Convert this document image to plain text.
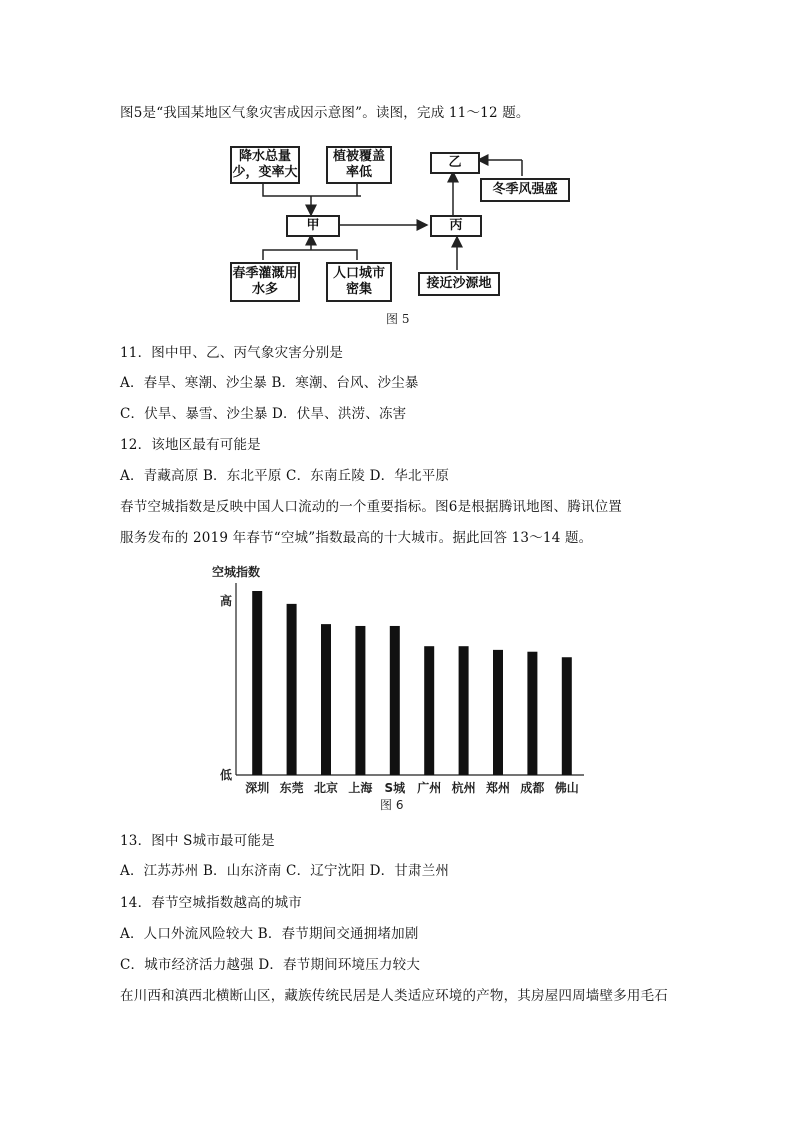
图5是“我国某地区气象灾害成因示意图”。读图，完成 11～12 题。
降水总量少，变率大
植被覆盖率低
甲	丙
乙
冬季风强盛
春季灌溉用水多
人口城市密集	接近沙源地
图 5
11．图中甲、乙、丙气象灾害分别是
A．春旱、寒潮、沙尘暴 B．寒潮、台风、沙尘暴
C．伏旱、暴雪、沙尘暴 D．伏旱、洪涝、冻害
12．该地区最有可能是
A．青藏高原 B．东北平原 C．东南丘陵 D．华北平原
春节空城指数是反映中国人口流动的一个重要指标。图6是根据腾讯地图、腾讯位置
服务发布的 2019 年春节“空城”指数最高的十大城市。据此回答 13～14 题。
空城指数
高
低
深圳 东莞 北京 上海 S城 广州 杭州 郑州 成都 佛山
图 6
13．图中 S城市最可能是
A．江苏苏州 B．山东济南 C．辽宁沈阳 D．甘肃兰州
14．春节空城指数越高的城市
A．人口外流风险较大 B．春节期间交通拥堵加剧
C．城市经济活力越强 D．春节期间环境压力较大
在川西和滇西北横断山区，藏族传统民居是人类适应环境的产物，其房屋四周墙壁多用毛石
